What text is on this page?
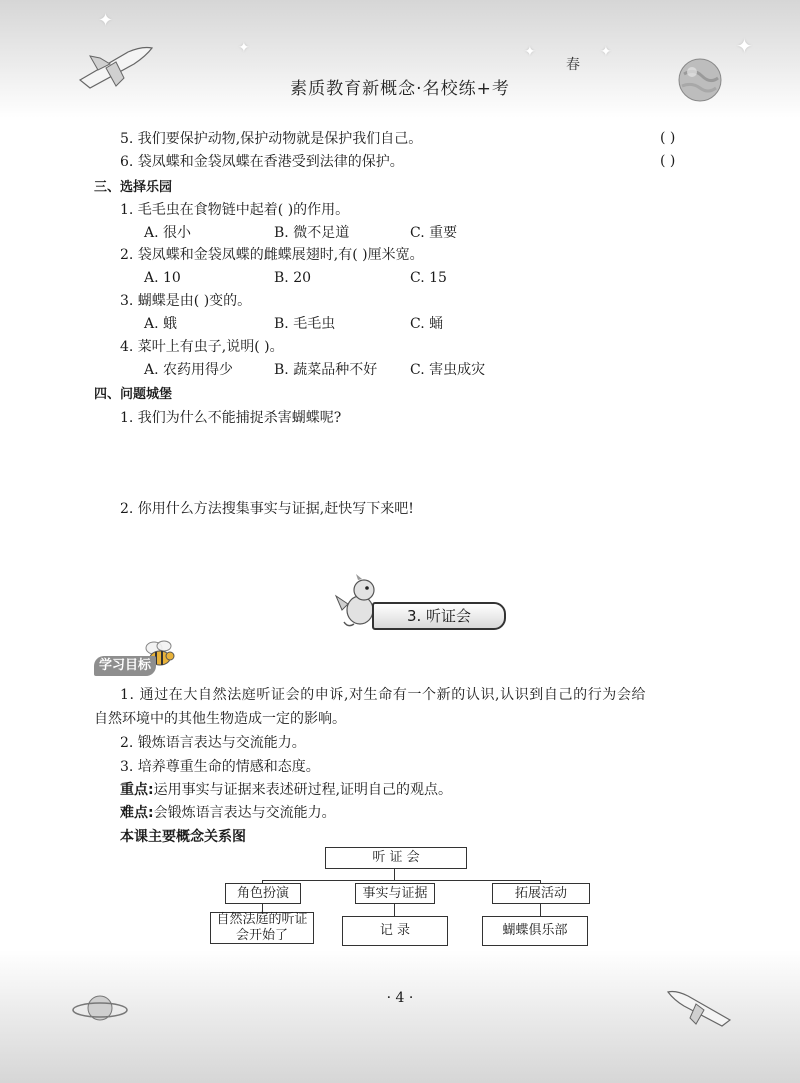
✦
✦	✦	✦	✦
春
素质教育新概念·名校练+考
5. 我们要保护动物,保护动物就是保护我们自己。	( )
6. 袋凤蝶和金袋凤蝶在香港受到法律的保护。	( )
三、选择乐园
1. 毛毛虫在食物链中起着( )的作用。
A. 很小	B. 微不足道	C. 重要
2. 袋凤蝶和金袋凤蝶的雌蝶展翅时,有( )厘米宽。
A. 10	B. 20	C. 15
3. 蝴蝶是由( )变的。
A. 蛾	B. 毛毛虫	C. 蛹
4. 菜叶上有虫子,说明( )。
A. 农药用得少	B. 蔬菜品种不好 C. 害虫成灾
四、问题城堡
1. 我们为什么不能捕捉杀害蝴蝶呢?
2. 你用什么方法搜集事实与证据,赶快写下来吧!
3. 听证会
学习目标
1. 通过在大自然法庭听证会的申诉,对生命有一个新的认识,认识到自己的行为会给
自然环境中的其他生物造成一定的影响。
2. 锻炼语言表达与交流能力。
3. 培养尊重生命的情感和态度。
重点:运用事实与证据来表述研过程,证明自己的观点。
难点:会锻炼语言表达与交流能力。
本课主要概念关系图
听 证 会
角色扮演	事实与证据	拓展活动
自然法庭的听证会开始了	记 录	蝴蝶俱乐部
· 4 ·
